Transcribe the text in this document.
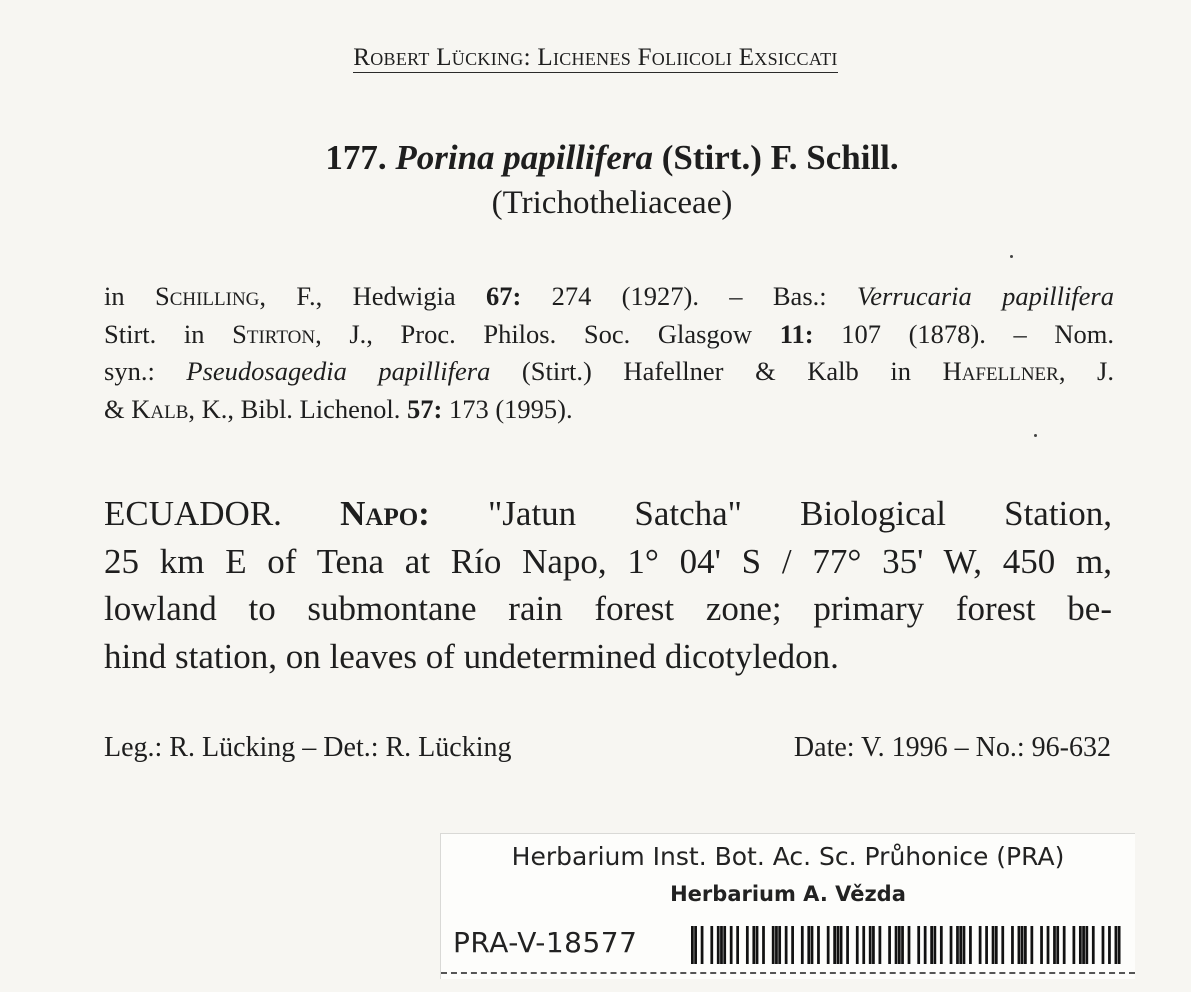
Robert Lücking: Lichenes Foliicoli Exsiccati
177. Porina papillifera (Stirt.) F. Schill.
(Trichotheliaceae)
in Schilling, F., Hedwigia 67: 274 (1927). – Bas.: Verrucaria papillifera
Stirt. in Stirton, J., Proc. Philos. Soc. Glasgow 11: 107 (1878). – Nom.
syn.: Pseudosagedia papillifera (Stirt.) Hafellner & Kalb in Hafellner, J.
& Kalb, K., Bibl. Lichenol. 57: 173 (1995).
ECUADOR. Napo: "Jatun Satcha" Biological Station,
25 km E of Tena at Río Napo, 1° 04' S / 77° 35' W, 450 m,
lowland to submontane rain forest zone; primary forest be-
hind station, on leaves of undetermined dicotyledon.
Leg.: R. Lücking – Det.: R. Lücking	Date: V. 1996 – No.: 96-632
Herbarium Inst. Bot. Ac. Sc. Průhonice (PRA)
Herbarium A. Vězda
PRA-V-18577
